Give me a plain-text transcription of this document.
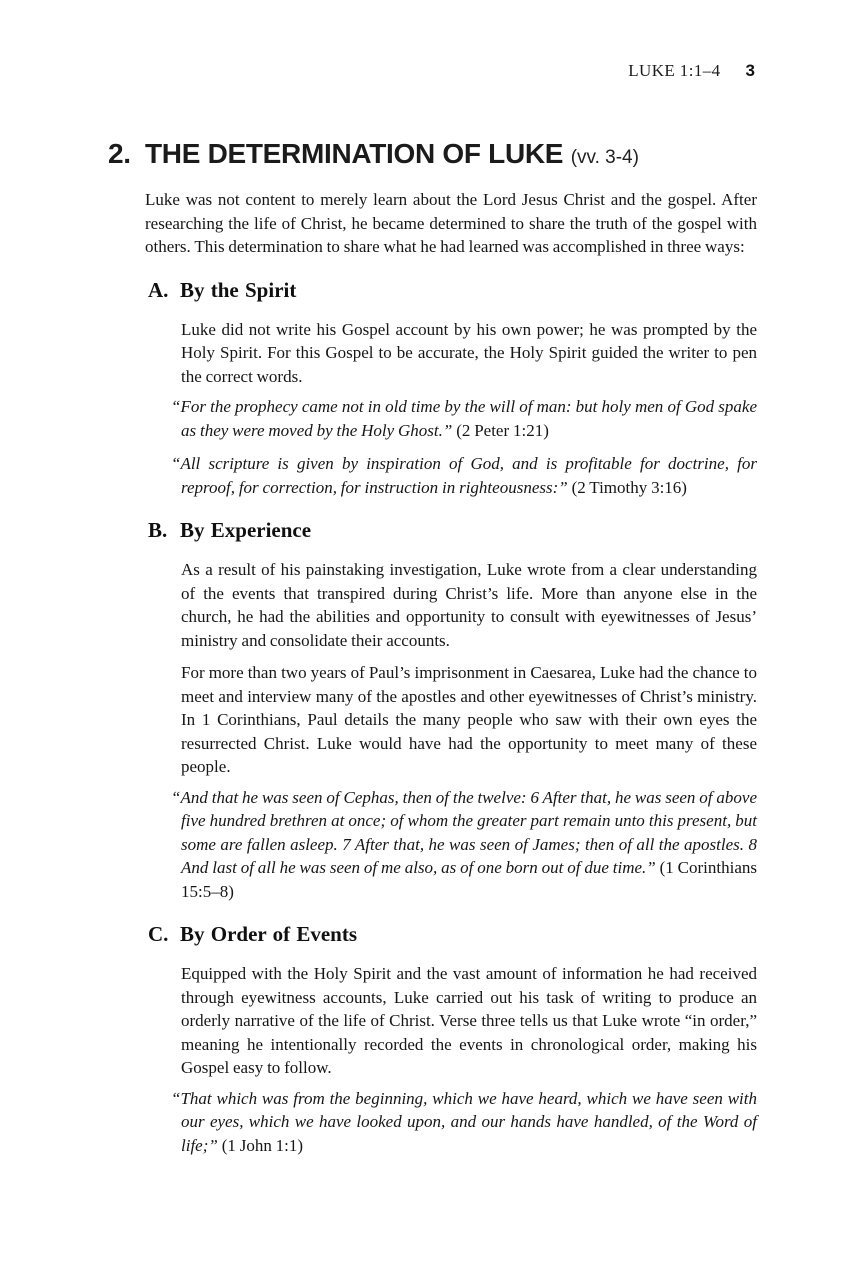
LUKE 1:1–4 3
2. THE DETERMINATION OF LUKE (vv. 3-4)

Luke was not content to merely learn about the Lord Jesus Christ and the gospel. After researching the life of Christ, he became determined to share the truth of the gospel with others. This determination to share what he had learned was accomplished in three ways:

A. By the Spirit

Luke did not write his Gospel account by his own power; he was prompted by the Holy Spirit. For this Gospel to be accurate, the Holy Spirit guided the writer to pen the correct words.

“For the prophecy came not in old time by the will of man: but holy men of God spake as they were moved by the Holy Ghost.” (2 Peter 1:21)

“All scripture is given by inspiration of God, and is profitable for doctrine, for reproof, for correction, for instruction in righteousness:” (2 Timothy 3:16)

B. By Experience

As a result of his painstaking investigation, Luke wrote from a clear understanding of the events that transpired during Christ’s life. More than anyone else in the church, he had the abilities and opportunity to consult with eyewitnesses of Jesus’ ministry and consolidate their accounts.

For more than two years of Paul’s imprisonment in Caesarea, Luke had the chance to meet and interview many of the apostles and other eyewitnesses of Christ’s ministry. In 1 Corinthians, Paul details the many people who saw with their own eyes the resurrected Christ. Luke would have had the opportunity to meet many of these people.

“And that he was seen of Cephas, then of the twelve: 6 After that, he was seen of above five hundred brethren at once; of whom the greater part remain unto this present, but some are fallen asleep. 7 After that, he was seen of James; then of all the apostles. 8 And last of all he was seen of me also, as of one born out of due time.” (1 Corinthians 15:5–8)

C. By Order of Events

Equipped with the Holy Spirit and the vast amount of information he had received through eyewitness accounts, Luke carried out his task of writing to produce an orderly narrative of the life of Christ. Verse three tells us that Luke wrote “in order,” meaning he intentionally recorded the events in chronological order, making his Gospel easy to follow.

“That which was from the beginning, which we have heard, which we have seen with our eyes, which we have looked upon, and our hands have handled, of the Word of life;” (1 John 1:1)
